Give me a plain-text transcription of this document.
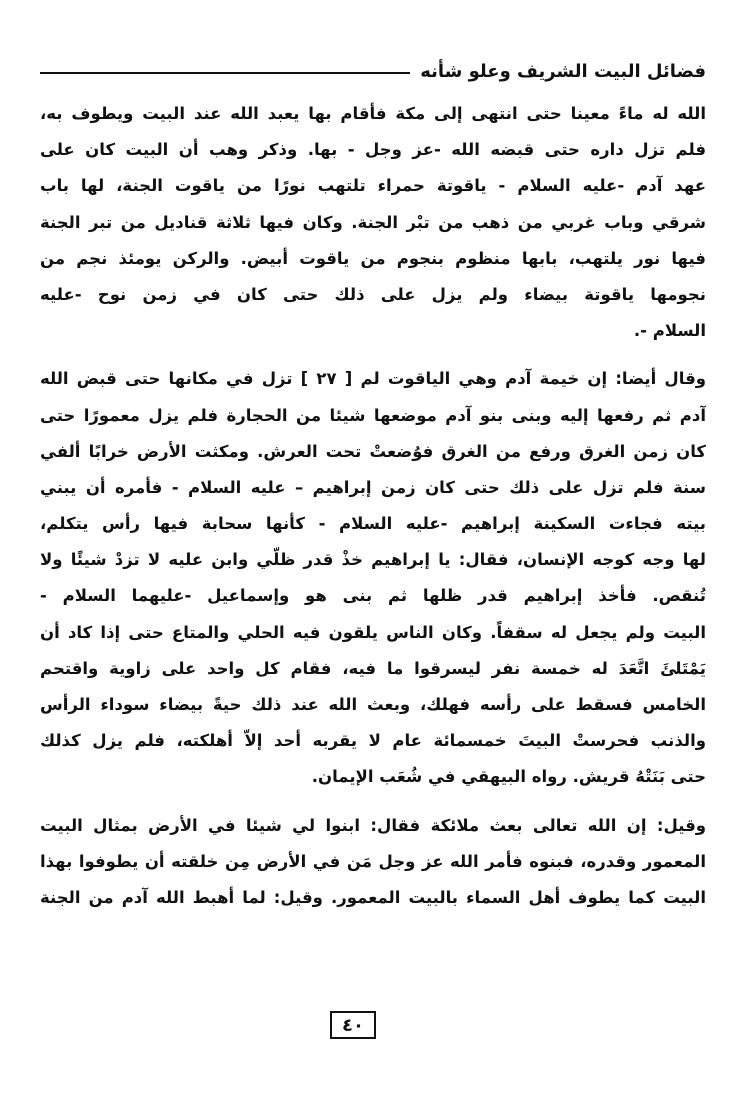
فضائل البيت الشريف وعلو شأنه
الله له ماءً معينا حتى انتهى إلى مكة فأقام بها يعبد الله عند البيت ويطوف به،
فلم تزل داره حتى قبضه الله -عز وجل - بها. وذكر وهب أن البيت كان على
عهد آدم -عليه السلام - ياقوتة حمراء تلتهب نورًا من ياقوت الجنة، لها باب
شرقي وباب غربي من ذهب من تبْر الجنة. وكان فيها ثلاثة قناديل من تبر الجنة
فيها نور يلتهب، بابها منظوم بنجوم من ياقوت أبيض. والركن يومئذ نجم من
نجومها ياقوتة بيضاء ولم يزل على ذلك حتى كان في زمن نوح -عليه
السلام -.
وقال أيضا: إن خيمة آدم وهي الياقوت لم [ ٢٧ ] تزل في مكانها حتى قبض الله
آدم ثم رفعها إليه وبنى بنو آدم موضعها شيئا من الحجارة فلم يزل معمورًا حتى
كان زمن الغرق ورفع من الغرق فوُضعتْ تحت العرش. ومكثت الأرض خرابًا ألفي
سنة فلم تزل على ذلك حتى كان زمن إبراهيم – عليه السلام - فأمره أن يبني
بيته فجاءت السكينة إبراهيم -عليه السلام - كأنها سحابة فيها رأس يتكلم،
لها وجه كوجه الإنسان، فقال: يا إبراهيم خذْ قدر ظلّي وابن عليه لا تزدْ شيئًا ولا
تُنقص. فأخذ إبراهيم قدر ظلها ثم بنى هو وإسماعيل -عليهما السلام -
البيت ولم يجعل له سقفاً. وكان الناس يلقون فيه الحلي والمتاع حتى إذا كاد أن
يَمْتَلئَ اتَّعَدَ له خمسة نفر ليسرقوا ما فيه، فقام كل واحد على زاوية واقتحم
الخامس فسقط على رأسه فهلك، وبعث الله عند ذلك حيةً بيضاء سوداء الرأس
والذنب فحرستْ البيتَ خمسمائة عام لا يقربه أحد إلاّ أهلكته، فلم يزل كذلك
حتى بَنَتْهُ قريش. رواه البيهقي في شُعَب الإيمان.
وقيل: إن الله تعالى بعث ملائكة فقال: ابنوا لي شيئا في الأرض بمثال البيت
المعمور وقدره، فبنوه فأمر الله عز وجل مَن في الأرض مِن خلقته أن يطوفوا بهذا
البيت كما يطوف أهل السماء بالبيت المعمور. وقيل: لما أهبط الله آدم من الجنة
٤٠
